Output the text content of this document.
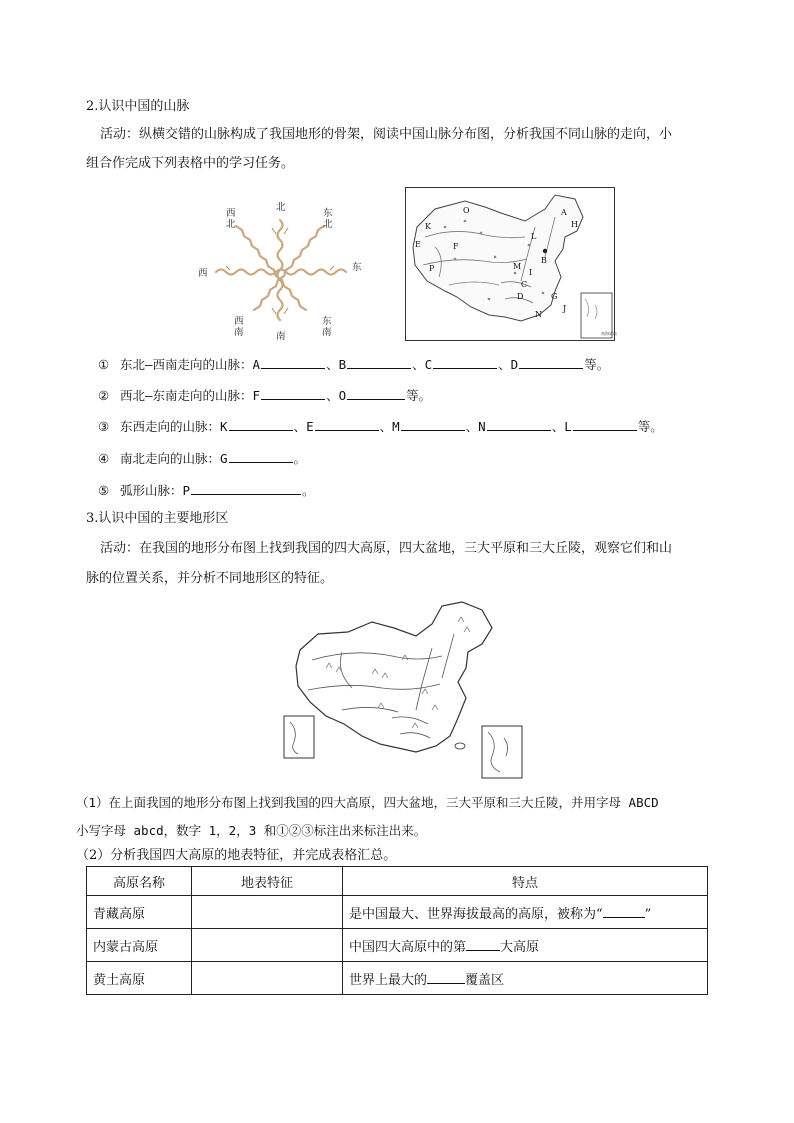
2.认识中国的山脉
活动：纵横交错的山脉构成了我国地形的骨架，阅读中国山脉分布图，分析我国不同山脉的走向，小
组合作完成下列表格中的学习任务。
北
南
西
东
西
北
东
北
西
南
东
南
O
K
E	F
P
A
H
B
I
L
M
C
D
N
G
J
南海诸岛
① 东北—西南走向的山脉：A	、B	、C	、D	等。
② 西北—东南走向的山脉：F	、O	等。
③ 东西走向的山脉：K	、E	、M	、N	、L	等。
④ 南北走向的山脉：G	。
⑤ 弧形山脉：P	。
3.认识中国的主要地形区
活动：在我国的地形分布图上找到我国的四大高原，四大盆地，三大平原和三大丘陵，观察它们和山
脉的位置关系，并分析不同地形区的特征。
（1）在上面我国的地形分布图上找到我国的四大高原，四大盆地，三大平原和三大丘陵，并用字母 ABCD
小写字母 abcd，数字 1，2，3 和①②③标注出来标注出来。
（2）分析我国四大高原的地表特征，并完成表格汇总。
高原名称	地表特征	特点
青藏高原		是中国最大、世界海拔最高的高原，被称为“ ”
内蒙古高原		中国四大高原中的第 大高原
黄土高原		世界上最大的 覆盖区
